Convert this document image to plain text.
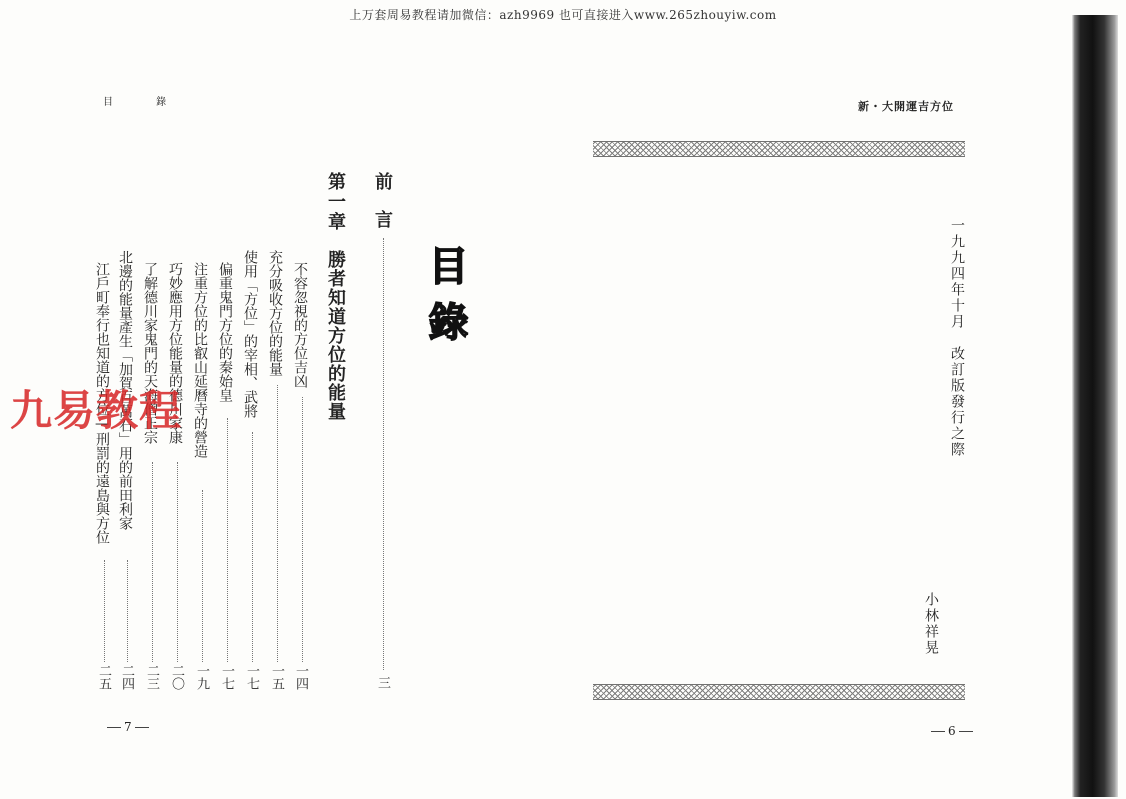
上万套周易教程请加微信：azh9969 也可直接进入www.265zhouyiw.com
目 錄	新・大開運吉方位
前言
三
第一章
勝者知道方位的能量
不容忽視的方位吉凶
一四
充分吸收方位的能量
一五
使用「方位」的宰相、武將
一七
偏重鬼門方位的秦始皇
一七
注重方位的比叡山延曆寺的營造
一九
巧妙應用方位能量的德川家康
二〇
了解德川家鬼門的天海僧正宗
二三
北邊的能量產生「加賀百萬石」用的前田利家
二四
江戶町奉行也知道的方位—刑罰的遠島與方位
二五
目錄
九易教程
7	6
一九九四年十月　改訂版發行之際
小林祥晃
